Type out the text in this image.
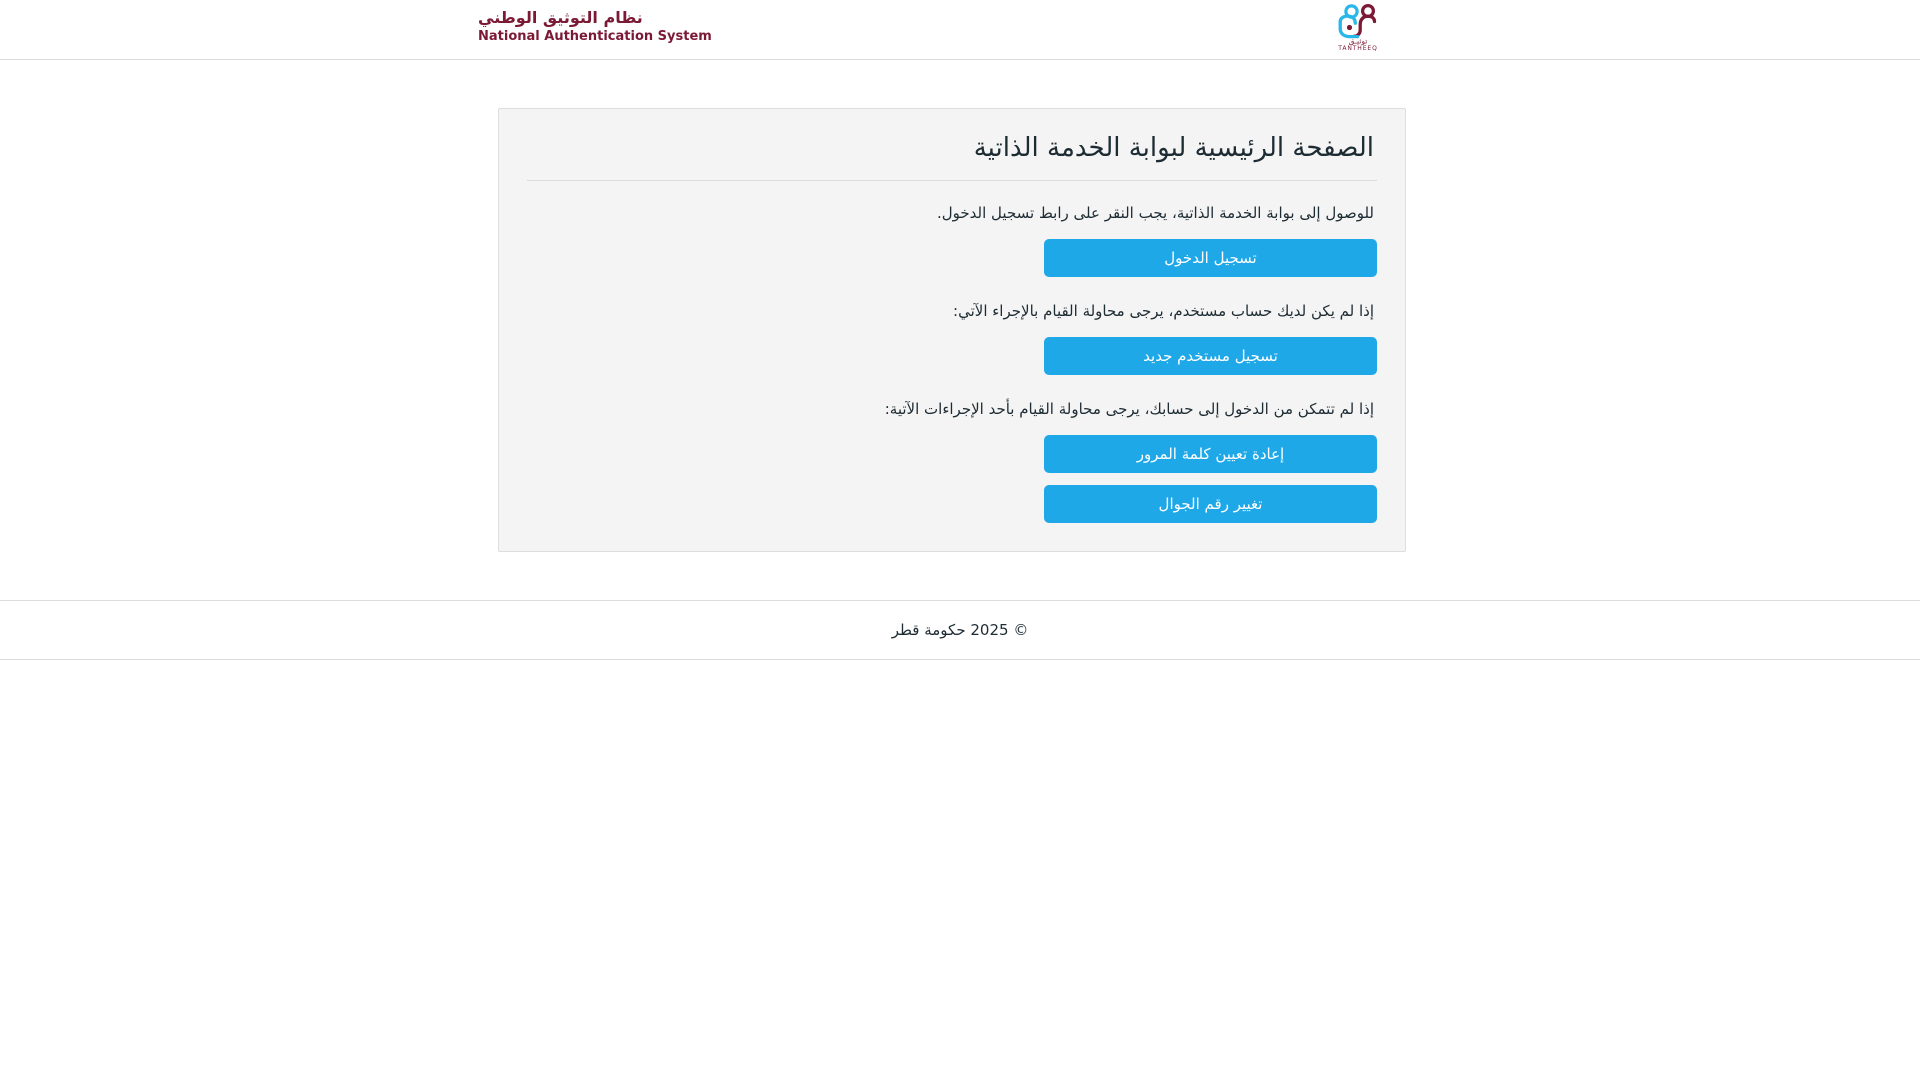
نظام التوثيق الوطني
National Authentication System	توثيـق
TANTHEEQ
الصفحة الرئيسية لبوابة الخدمة الذاتية

للوصول إلى بوابة الخدمة الذاتية، يجب النقر على رابط تسجيل الدخول.

تسجيل الدخول

إذا لم يكن لديك حساب مستخدم، يرجى محاولة القيام بالإجراء الآتي:

تسجيل مستخدم جديد

إذا لم تتمكن من الدخول إلى حسابك، يرجى محاولة القيام بأحد الإجراءات الآتية:

إعادة تعيين كلمة المرور
تغيير رقم الجوال
© 2025 حكومة قطر
